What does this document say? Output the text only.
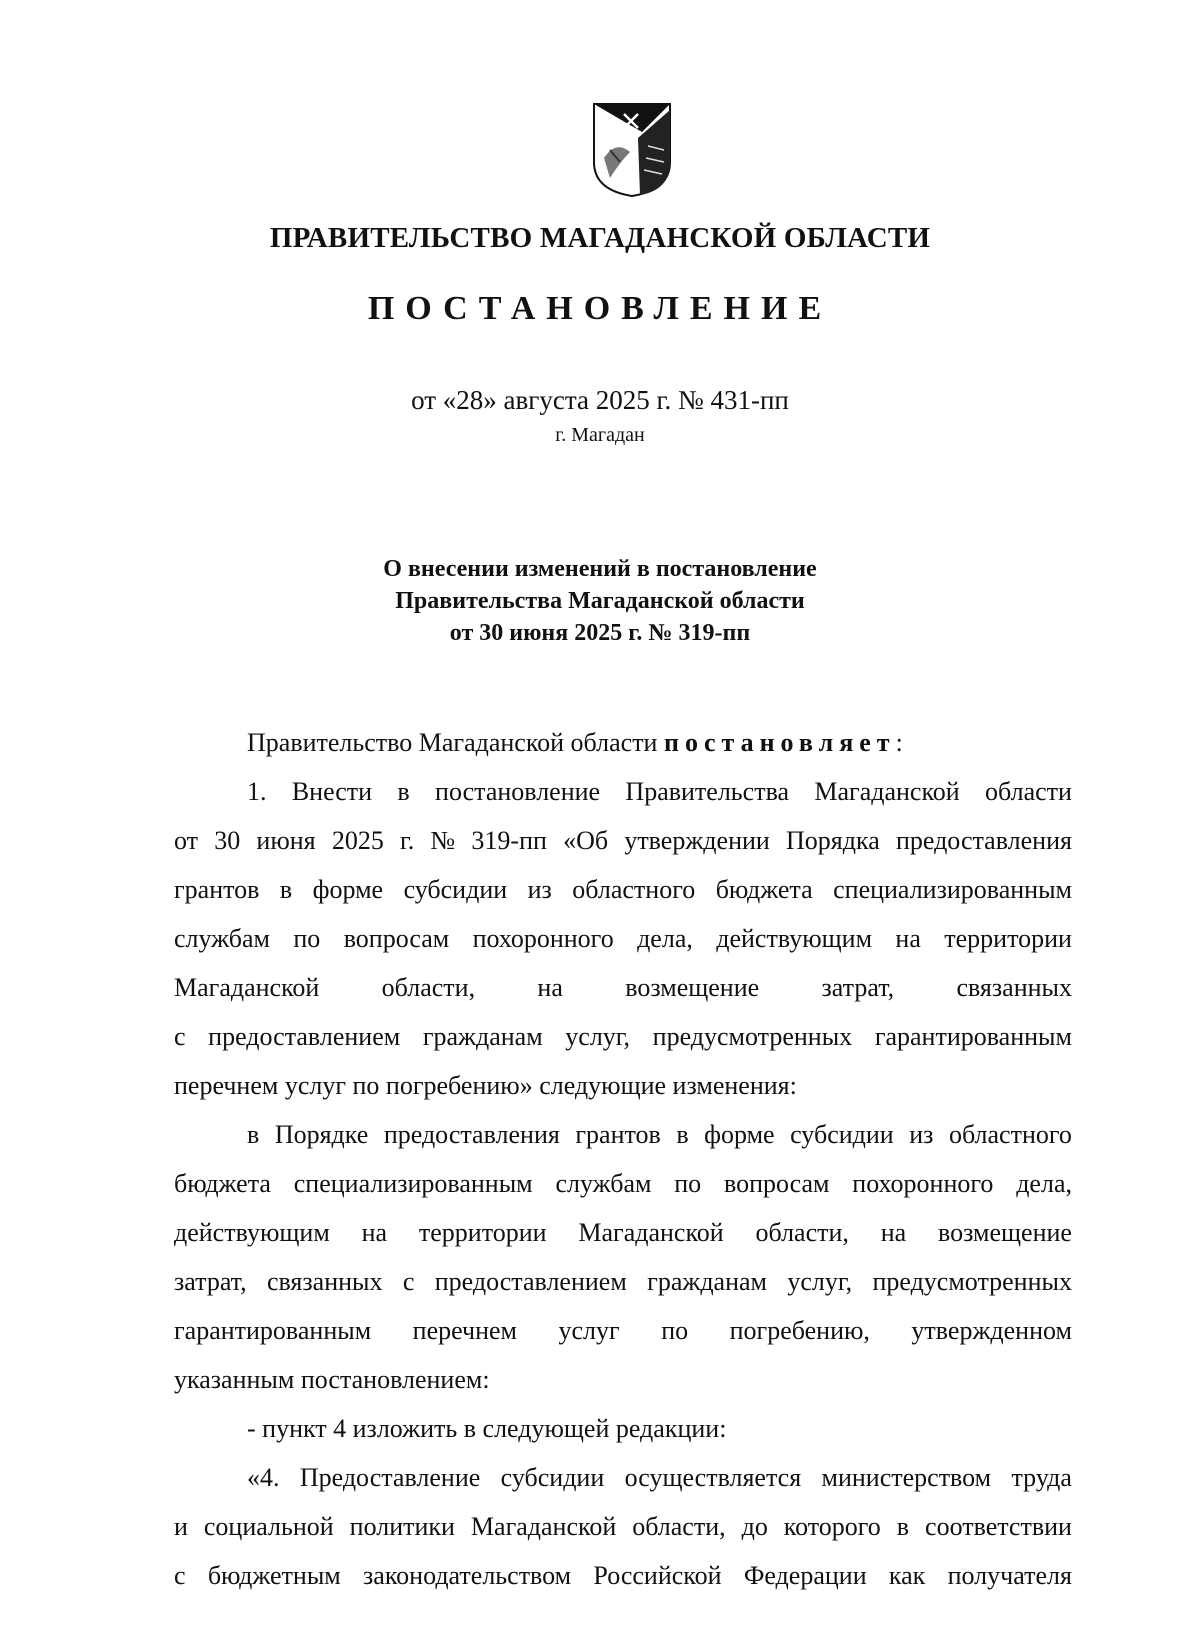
ПРАВИТЕЛЬСТВО МАГАДАНСКОЙ ОБЛАСТИ
ПОСТАНОВЛЕНИЕ
от «28» августа 2025 г. № 431-пп
г. Магадан
О внесении изменений в постановление
Правительства Магаданской области
от 30 июня 2025 г. № 319-пп
Правительство Магаданской области постановляет:
1. Внести в постановление Правительства Магаданской области
от 30 июня 2025 г. № 319-пп «Об утверждении Порядка предоставления
грантов в форме субсидии из областного бюджета специализированным
службам по вопросам похоронного дела, действующим на территории
Магаданской области, на возмещение затрат, связанных
с предоставлением гражданам услуг, предусмотренных гарантированным
перечнем услуг по погребению» следующие изменения:
в Порядке предоставления грантов в форме субсидии из областного
бюджета специализированным службам по вопросам похоронного дела,
действующим на территории Магаданской области, на возмещение
затрат, связанных с предоставлением гражданам услуг, предусмотренных
гарантированным перечнем услуг по погребению, утвержденном
указанным постановлением:
- пункт 4 изложить в следующей редакции:
«4. Предоставление субсидии осуществляется министерством труда
и социальной политики Магаданской области, до которого в соответствии
с бюджетным законодательством Российской Федерации как получателя
